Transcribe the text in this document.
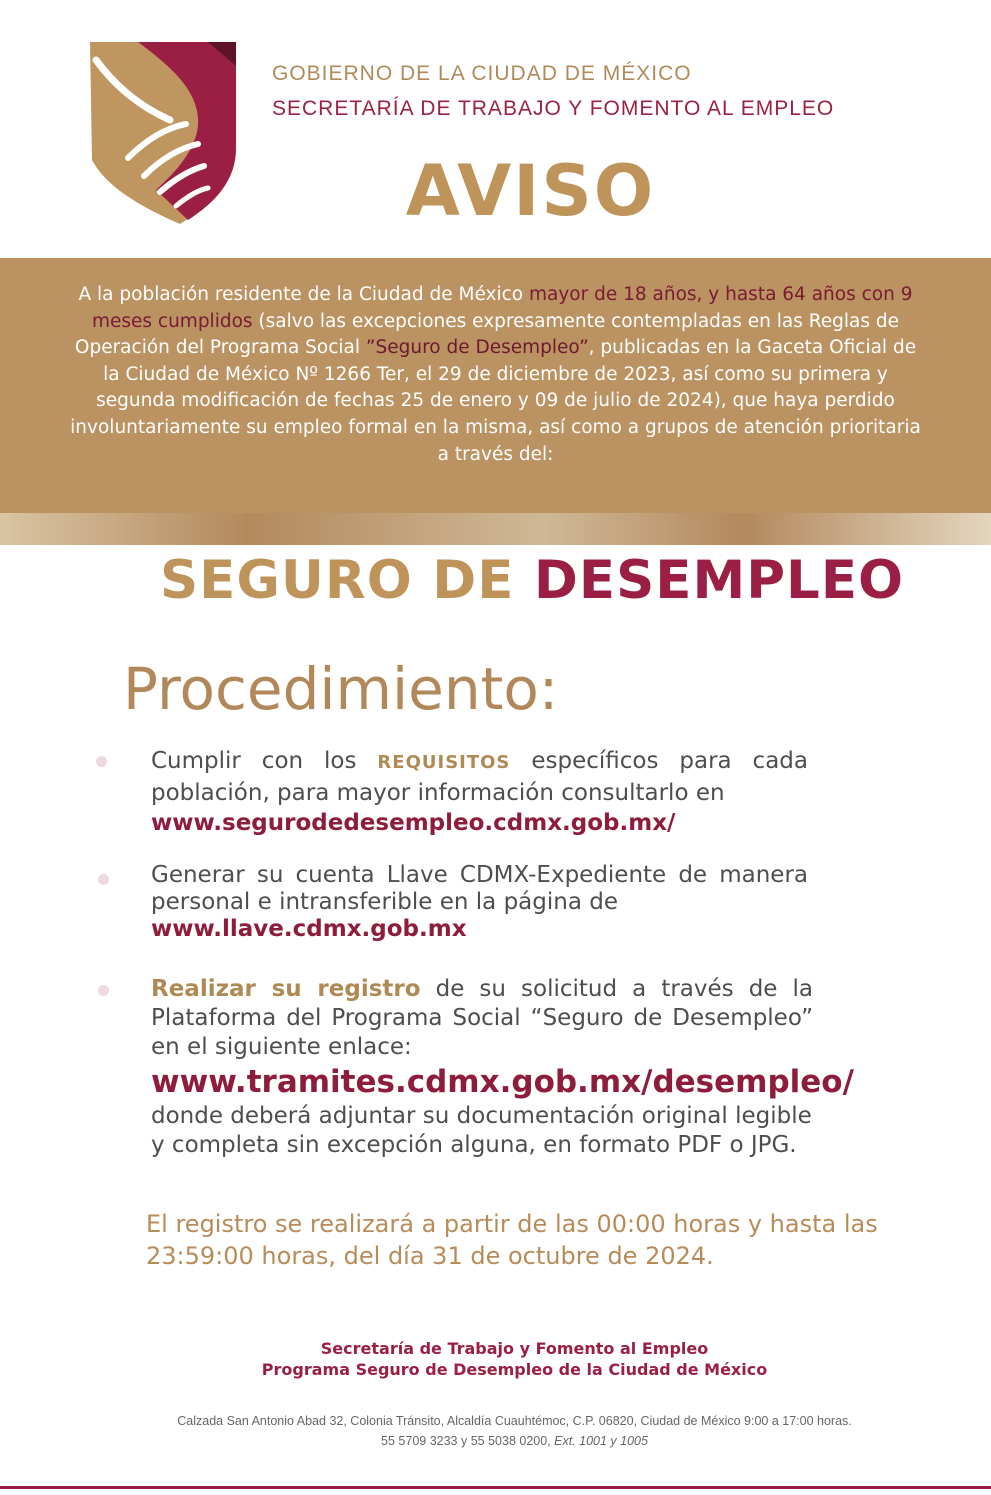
GOBIERNO DE LA CIUDAD DE MÉXICO
SECRETARÍA DE TRABAJO Y FOMENTO AL EMPLEO
AVISO
A la población residente de la Ciudad de México mayor de 18 años, y hasta 64 años con 9 meses cumplidos (salvo las excepciones expresamente contempladas en las Reglas de Operación del Programa Social ”Seguro de Desempleo”, publicadas en la Gaceta Oficial de la Ciudad de México Nº 1266 Ter, el 29 de diciembre de 2023, así como su primera y segunda modificación de fechas 25 de enero y 09 de julio de 2024), que haya perdido involuntariamente su empleo formal en la misma, así como a grupos de atención prioritaria a través del:
SEGURO DE DESEMPLEO
Procedimiento:
Cumplir con los REQUISITOS específicos para cada población, para mayor información consultarlo en
www.segurodedesempleo.cdmx.gob.mx/
Generar su cuenta Llave CDMX-Expediente de manera personal e intransferible en la página de
www.llave.cdmx.gob.mx
Realizar su registro de su solicitud a través de la Plataforma del Programa Social “Seguro de Desempleo” en el siguiente enlace:
www.tramites.cdmx.gob.mx/desempleo/
donde deberá adjuntar su documentación original legible y completa sin excepción alguna, en formato PDF o JPG.
El registro se realizará a partir de las 00:00 horas y hasta las 23:59:00 horas, del día 31 de octubre de 2024.
Secretaría de Trabajo y Fomento al Empleo
Programa Seguro de Desempleo de la Ciudad de México
Calzada San Antonio Abad 32, Colonia Tránsito, Alcaldía Cuauhtémoc, C.P. 06820, Ciudad de México 9:00 a 17:00 horas.
55 5709 3233 y 55 5038 0200, Ext. 1001 y 1005
